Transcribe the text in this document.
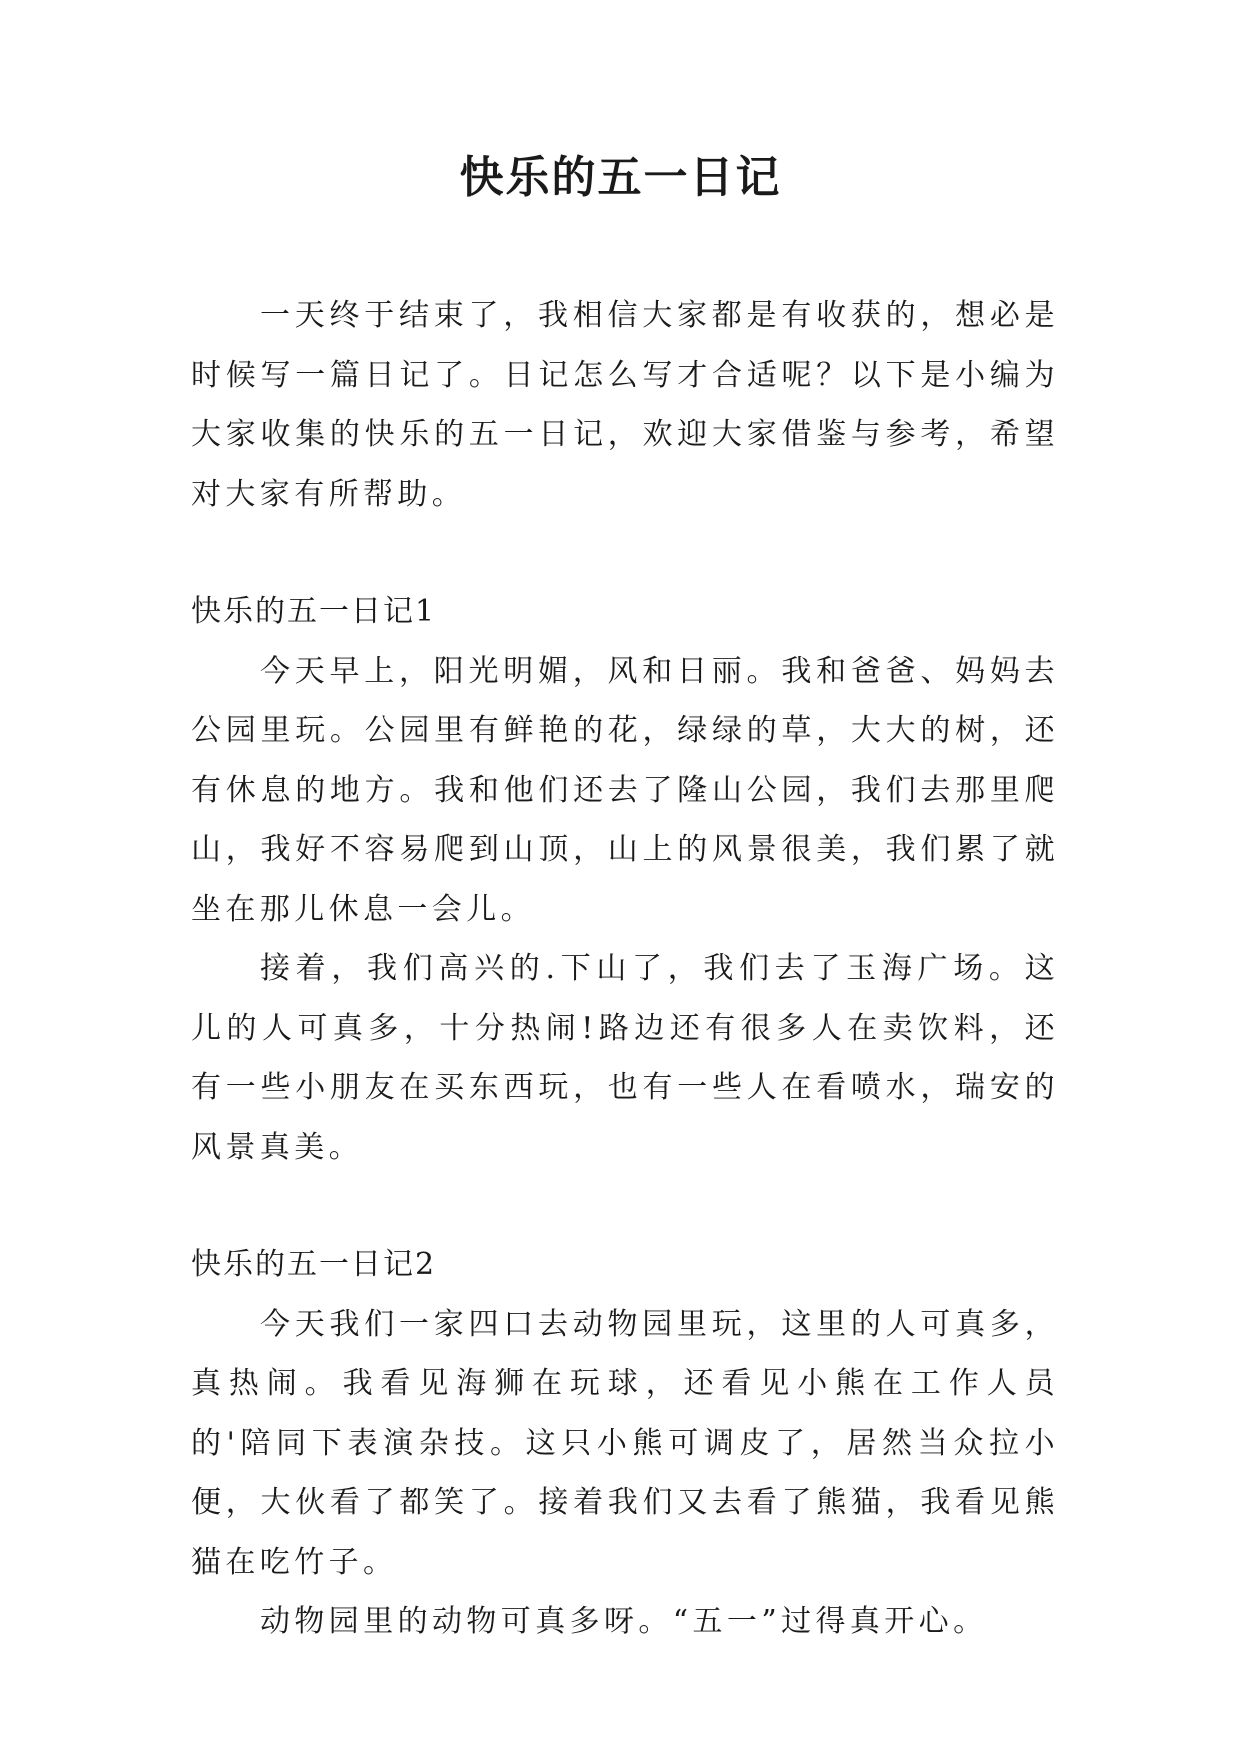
快乐的五一日记

一天终于结束了，我相信大家都是有收获的，想必是时候写一篇日记了。日记怎么写才合适呢？以下是小编为大家收集的快乐的五一日记，欢迎大家借鉴与参考，希望对大家有所帮助。

快乐的五一日记1

今天早上，阳光明媚，风和日丽。我和爸爸、妈妈去公园里玩。公园里有鲜艳的花，绿绿的草，大大的树，还有休息的地方。我和他们还去了隆山公园，我们去那里爬山，我好不容易爬到山顶，山上的风景很美，我们累了就坐在那儿休息一会儿。

接着，我们高兴的.下山了，我们去了玉海广场。这儿的人可真多，十分热闹!路边还有很多人在卖饮料，还有一些小朋友在买东西玩，也有一些人在看喷水，瑞安的风景真美。

快乐的五一日记2

今天我们一家四口去动物园里玩，这里的人可真多，真热闹。我看见海狮在玩球，还看见小熊在工作人员的'陪同下表演杂技。这只小熊可调皮了，居然当众拉小便，大伙看了都笑了。接着我们又去看了熊猫，我看见熊猫在吃竹子。

动物园里的动物可真多呀。“五一”过得真开心。
